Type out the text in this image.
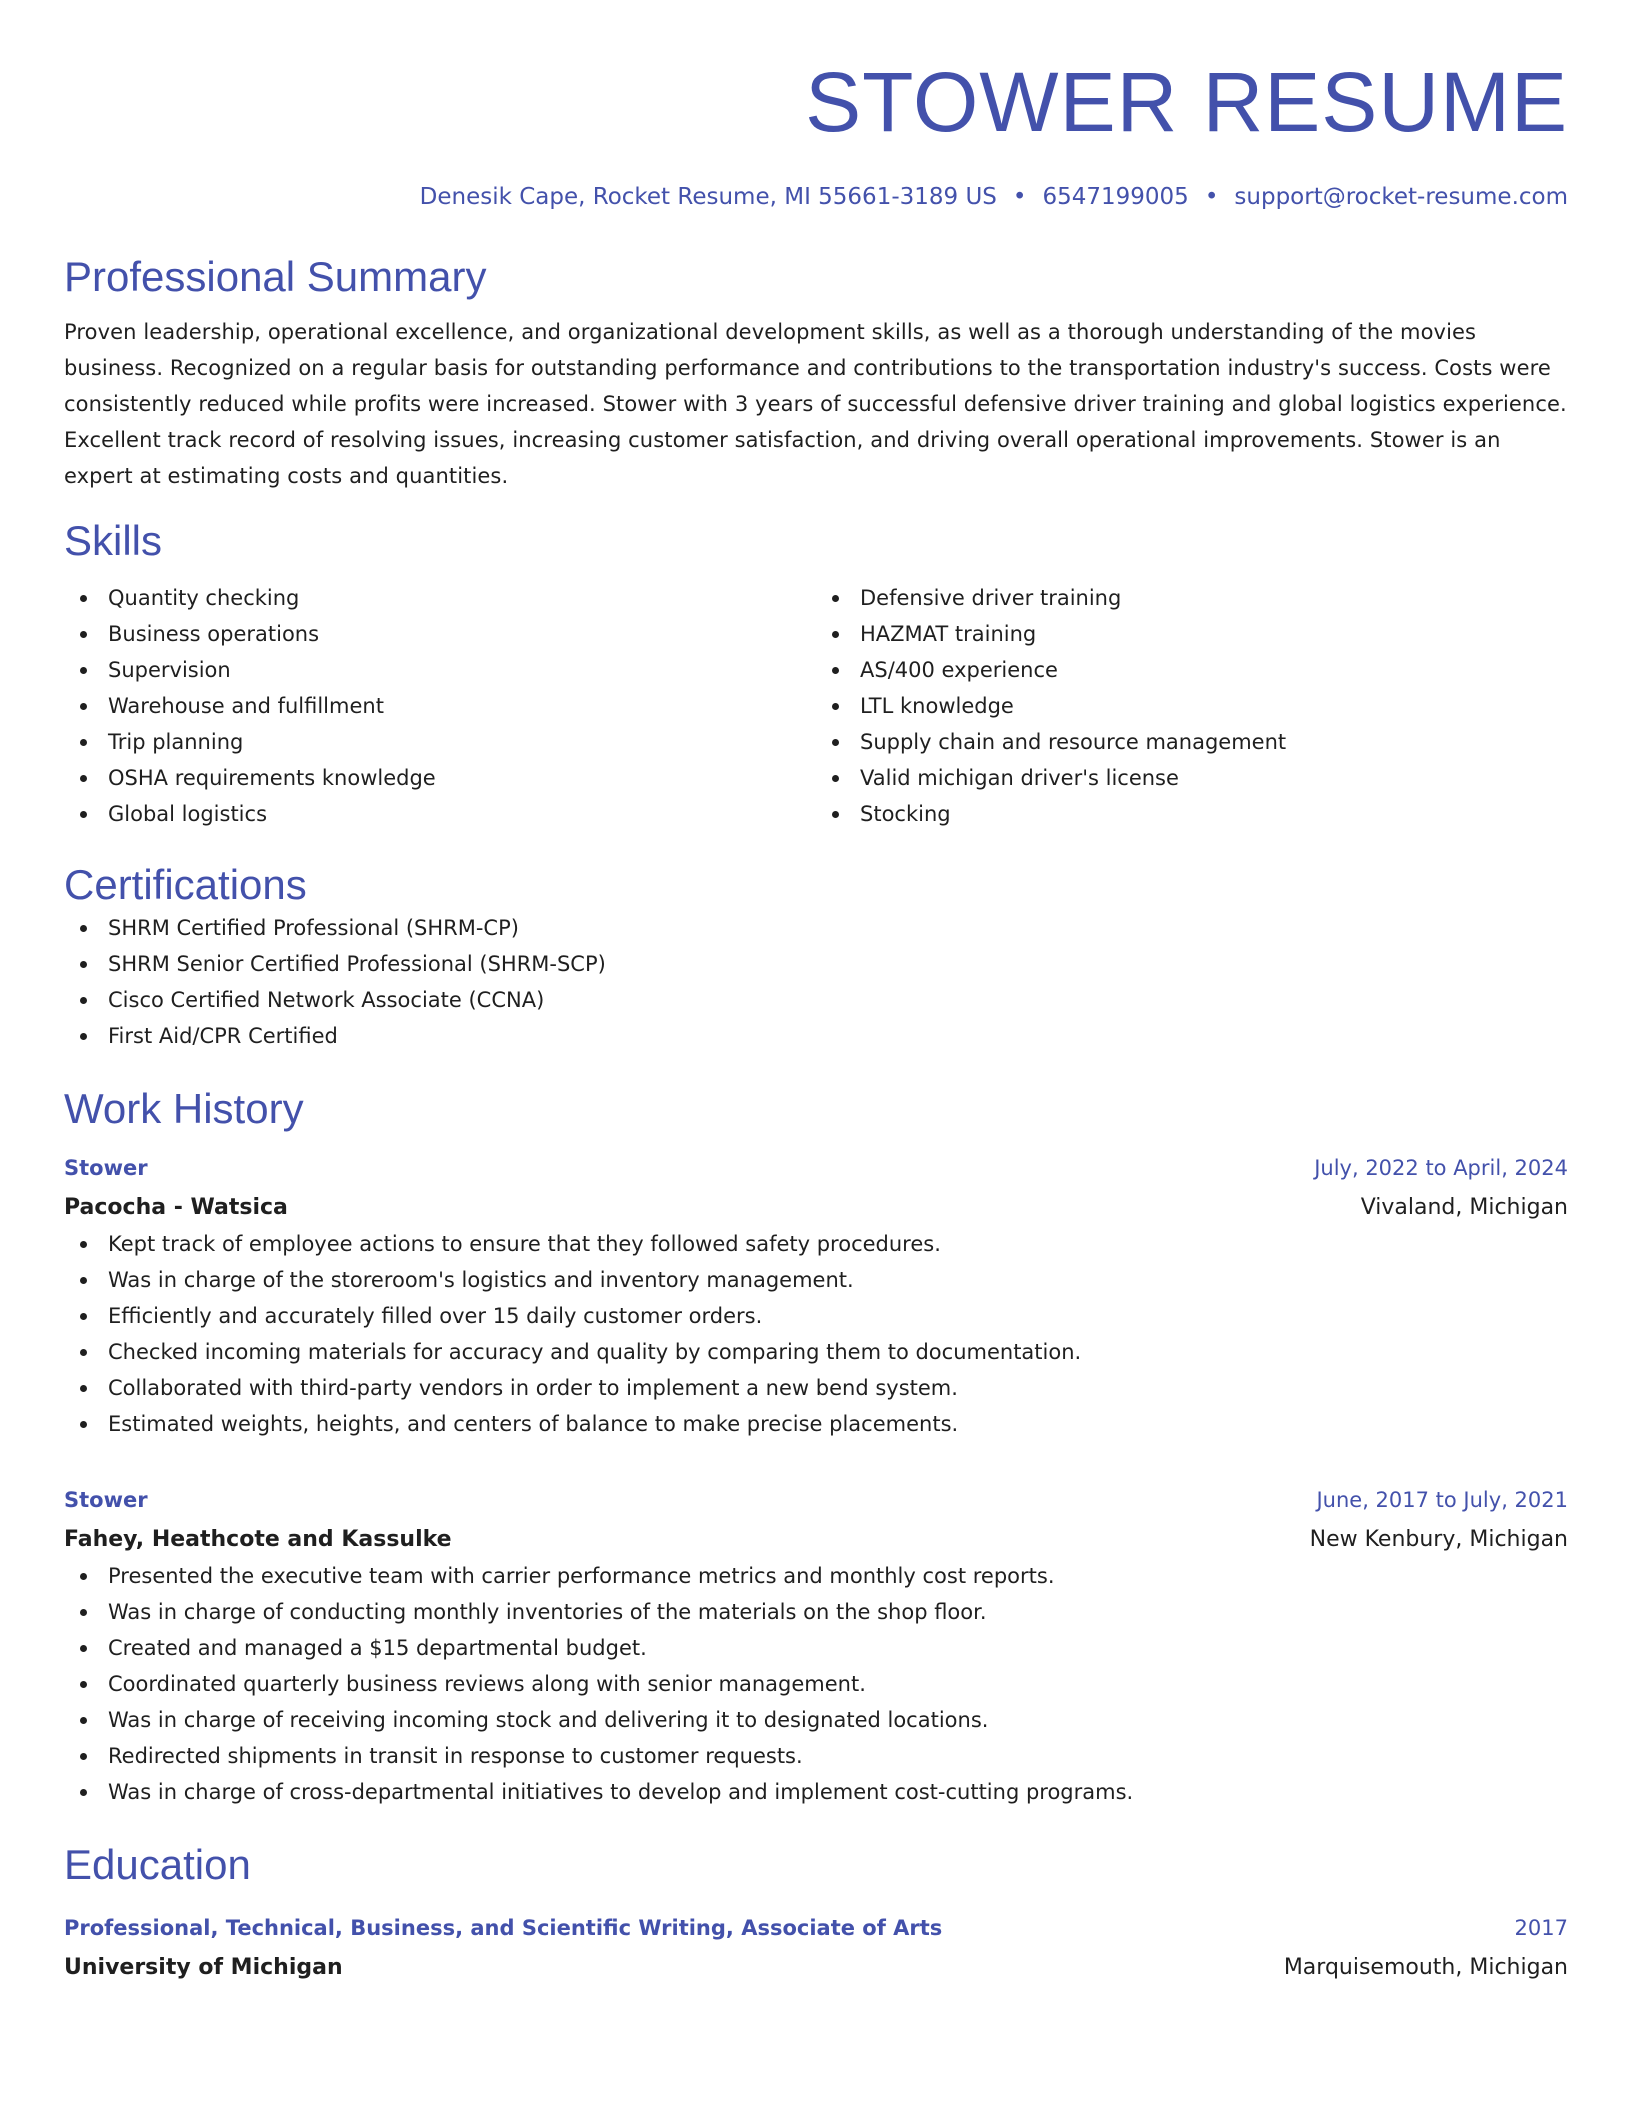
STOWER RESUME
Denesik Cape, Rocket Resume, MI 55661-3189 US • 6547199005 • support@rocket-resume.com
Professional Summary
Proven leadership, operational excellence, and organizational development skills, as well as a thorough understanding of the movies business. Recognized on a regular basis for outstanding performance and contributions to the transportation industry's success. Costs were consistently reduced while profits were increased. Stower with 3 years of successful defensive driver training and global logistics experience. Excellent track record of resolving issues, increasing customer satisfaction, and driving overall operational improvements. Stower is an expert at estimating costs and quantities.
Skills
Quantity checking
Business operations
Supervision
Warehouse and fulfillment
Trip planning
OSHA requirements knowledge
Global logistics
Defensive driver training
HAZMAT training
AS/400 experience
LTL knowledge
Supply chain and resource management
Valid michigan driver's license
Stocking
Certifications
SHRM Certified Professional (SHRM-CP)
SHRM Senior Certified Professional (SHRM-SCP)
Cisco Certified Network Associate (CCNA)
First Aid/CPR Certified
Work History
Stower	July, 2022 to April, 2024
Pacocha - Watsica	Vivaland, Michigan
Kept track of employee actions to ensure that they followed safety procedures.
Was in charge of the storeroom's logistics and inventory management.
Efficiently and accurately filled over 15 daily customer orders.
Checked incoming materials for accuracy and quality by comparing them to documentation.
Collaborated with third-party vendors in order to implement a new bend system.
Estimated weights, heights, and centers of balance to make precise placements.
Stower	June, 2017 to July, 2021
Fahey, Heathcote and Kassulke	New Kenbury, Michigan
Presented the executive team with carrier performance metrics and monthly cost reports.
Was in charge of conducting monthly inventories of the materials on the shop floor.
Created and managed a $15 departmental budget.
Coordinated quarterly business reviews along with senior management.
Was in charge of receiving incoming stock and delivering it to designated locations.
Redirected shipments in transit in response to customer requests.
Was in charge of cross-departmental initiatives to develop and implement cost-cutting programs.
Education
Professional, Technical, Business, and Scientific Writing, Associate of Arts	2017
University of Michigan	Marquisemouth, Michigan
